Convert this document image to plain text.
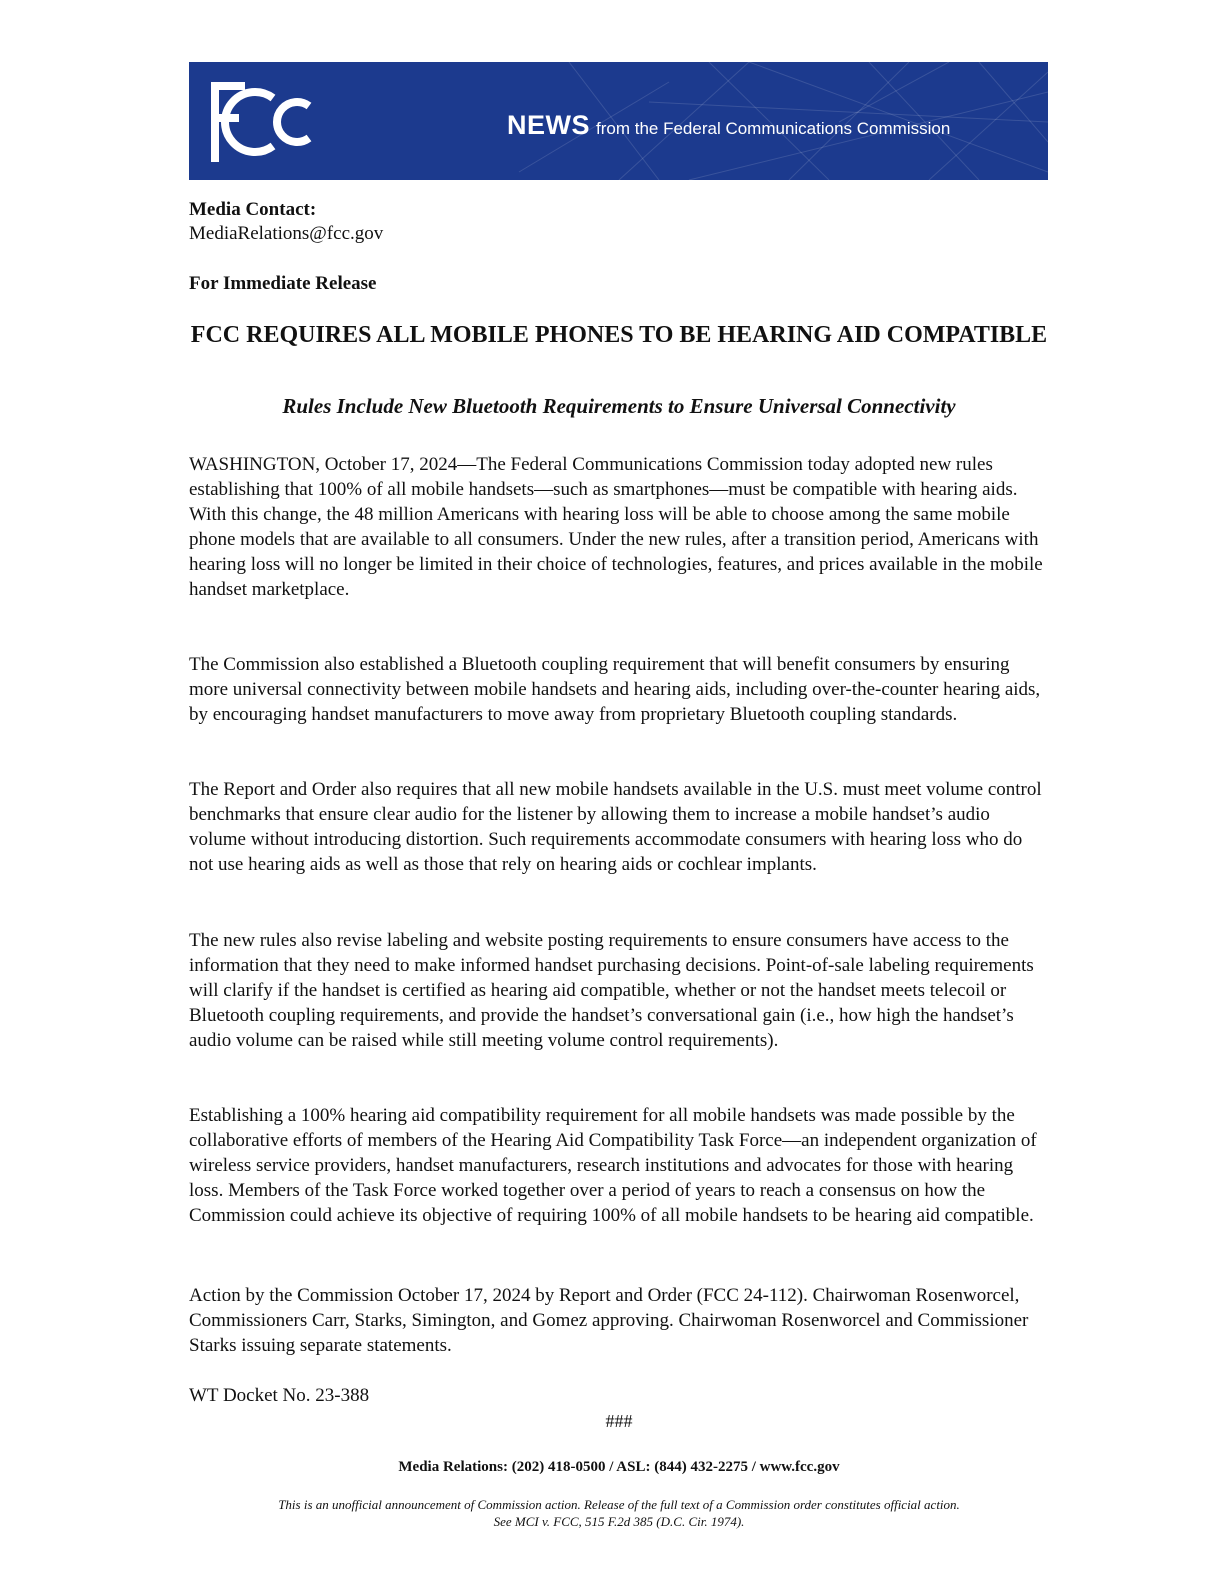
NEWS from the Federal Communications Commission

Media Contact:

MediaRelations@fcc.gov

For Immediate Release

FCC REQUIRES ALL MOBILE PHONES TO BE HEARING AID COMPATIBLE
Rules Include New Bluetooth Requirements to Ensure Universal Connectivity

WASHINGTON, October 17, 2024—The Federal Communications Commission today adopted new rules establishing that 100% of all mobile handsets—such as smartphones—must be compatible with hearing aids. With this change, the 48 million Americans with hearing loss will be able to choose among the same mobile phone models that are available to all consumers. Under the new rules, after a transition period, Americans with hearing loss will no longer be limited in their choice of technologies, features, and prices available in the mobile handset marketplace.

The Commission also established a Bluetooth coupling requirement that will benefit consumers by ensuring more universal connectivity between mobile handsets and hearing aids, including over-the-counter hearing aids, by encouraging handset manufacturers to move away from proprietary Bluetooth coupling standards.

The Report and Order also requires that all new mobile handsets available in the U.S. must meet volume control benchmarks that ensure clear audio for the listener by allowing them to increase a mobile handset’s audio volume without introducing distortion. Such requirements accommodate consumers with hearing loss who do not use hearing aids as well as those that rely on hearing aids or cochlear implants.

The new rules also revise labeling and website posting requirements to ensure consumers have access to the information that they need to make informed handset purchasing decisions. Point-of-sale labeling requirements will clarify if the handset is certified as hearing aid compatible, whether or not the handset meets telecoil or Bluetooth coupling requirements, and provide the handset’s conversational gain (i.e., how high the handset’s audio volume can be raised while still meeting volume control requirements).

Establishing a 100% hearing aid compatibility requirement for all mobile handsets was made possible by the collaborative efforts of members of the Hearing Aid Compatibility Task Force—an independent organization of wireless service providers, handset manufacturers, research institutions and advocates for those with hearing loss. Members of the Task Force worked together over a period of years to reach a consensus on how the Commission could achieve its objective of requiring 100% of all mobile handsets to be hearing aid compatible.

Action by the Commission October 17, 2024 by Report and Order (FCC 24-112). Chairwoman Rosenworcel, Commissioners Carr, Starks, Simington, and Gomez approving. Chairwoman Rosenworcel and Commissioner Starks issuing separate statements.

WT Docket No. 23-388

###

Media Relations: (202) 418-0500 / ASL: (844) 432-2275 / www.fcc.gov

This is an unofficial announcement of Commission action. Release of the full text of a Commission order constitutes official action.
See MCI v. FCC, 515 F.2d 385 (D.C. Cir. 1974).
